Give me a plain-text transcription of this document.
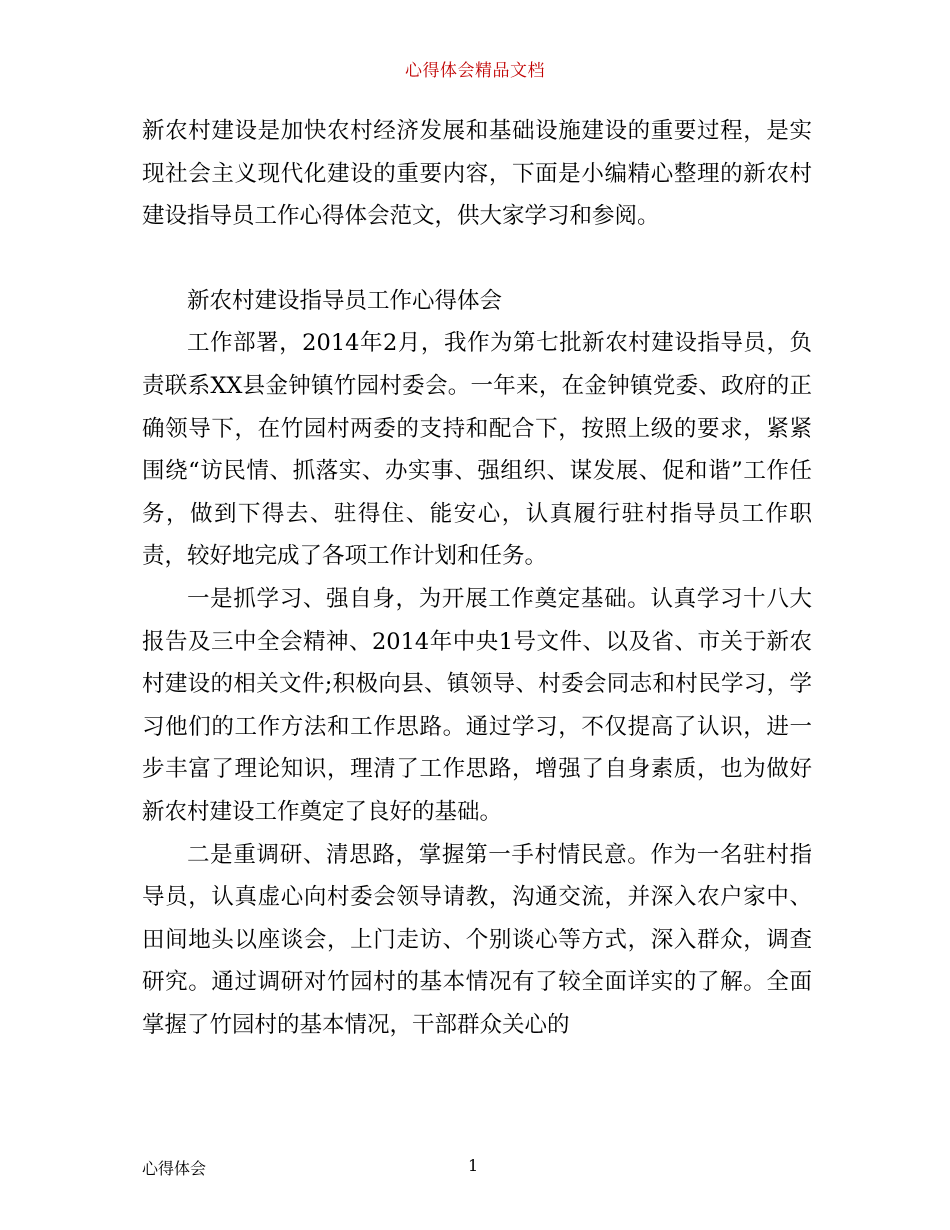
心得体会精品文档

新农村建设是加快农村经济发展和基础设施建设的重要过程，是实现社会主义现代化建设的重要内容，下面是小编精心整理的新农村建设指导员工作心得体会范文，供大家学习和参阅。

新农村建设指导员工作心得体会

工作部署，2014年2月，我作为第七批新农村建设指导员，负责联系XX县金钟镇竹园村委会。一年来，在金钟镇党委、政府的正确领导下，在竹园村两委的支持和配合下，按照上级的要求，紧紧围绕“访民情、抓落实、办实事、强组织、谋发展、促和谐”工作任务，做到下得去、驻得住、能安心，认真履行驻村指导员工作职责，较好地完成了各项工作计划和任务。

一是抓学习、强自身，为开展工作奠定基础。认真学习十八大报告及三中全会精神、2014年中央1号文件、以及省、市关于新农村建设的相关文件;积极向县、镇领导、村委会同志和村民学习，学习他们的工作方法和工作思路。通过学习，不仅提高了认识，进一步丰富了理论知识，理清了工作思路，增强了自身素质，也为做好新农村建设工作奠定了良好的基础。

二是重调研、清思路，掌握第一手村情民意。作为一名驻村指导员，认真虚心向村委会领导请教，沟通交流，并深入农户家中、田间地头以座谈会，上门走访、个别谈心等方式，深入群众，调查研究。通过调研对竹园村的基本情况有了较全面详实的了解。全面掌握了竹园村的基本情况，干部群众关心的

心得体会	1
